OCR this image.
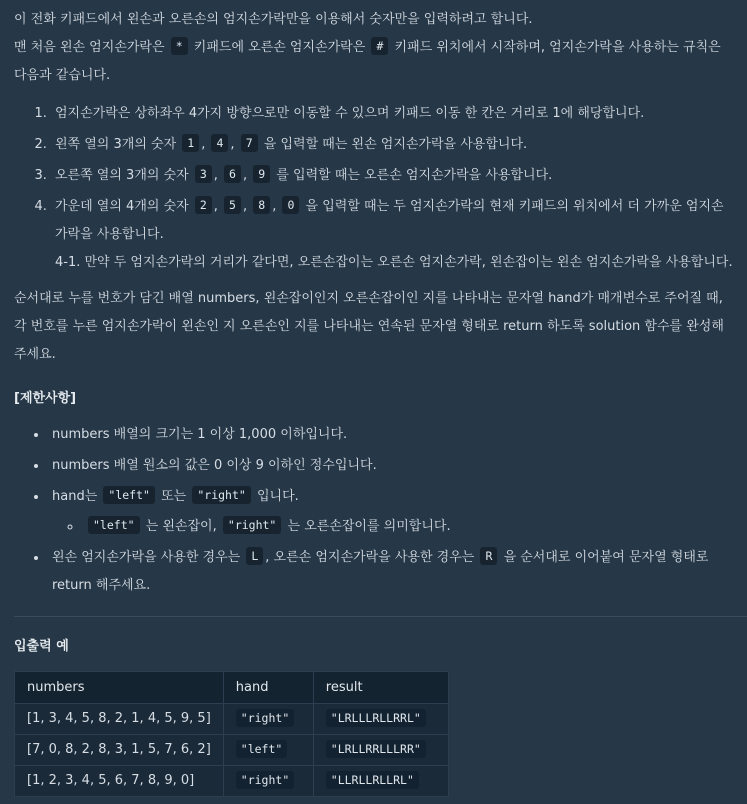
이 전화 키패드에서 왼손과 오른손의 엄지손가락만을 이용해서 숫자만을 입력하려고 합니다.
맨 처음 왼손 엄지손가락은 * 키패드에 오른손 엄지손가락은 # 키패드 위치에서 시작하며, 엄지손가락을 사용하는 규칙은 다음과 같습니다.

1. 엄지손가락은 상하좌우 4가지 방향으로만 이동할 수 있으며 키패드 이동 한 칸은 거리로 1에 해당합니다.
2. 왼쪽 열의 3개의 숫자 1 , 4 , 7 을 입력할 때는 왼손 엄지손가락을 사용합니다.
3. 오른쪽 열의 3개의 숫자 3 , 6 , 9 를 입력할 때는 오른손 엄지손가락을 사용합니다.
4. 가운데 열의 4개의 숫자 2 , 5 , 8 , 0 을 입력할 때는 두 엄지손가락의 현재 키패드의 위치에서 더 가까운 엄지손가락을 사용합니다.
4-1. 만약 두 엄지손가락의 거리가 같다면, 오른손잡이는 오른손 엄지손가락, 왼손잡이는 왼손 엄지손가락을 사용합니다.

순서대로 누를 번호가 담긴 배열 numbers, 왼손잡이인지 오른손잡이인 지를 나타내는 문자열 hand가 매개변수로 주어질 때, 각 번호를 누른 엄지손가락이 왼손인 지 오른손인 지를 나타내는 연속된 문자열 형태로 return 하도록 solution 함수를 완성해주세요.

[제한사항]

• numbers 배열의 크기는 1 이상 1,000 이하입니다.
• numbers 배열 원소의 값은 0 이상 9 이하인 정수입니다.
• hand는 "left" 또는 "right" 입니다.
◦ "left" 는 왼손잡이, "right" 는 오른손잡이를 의미합니다.
• 왼손 엄지손가락을 사용한 경우는 L , 오른손 엄지손가락을 사용한 경우는 R 을 순서대로 이어붙여 문자열 형태로 return 해주세요.

입출력 예

numbers	hand	result
[1, 3, 4, 5, 8, 2, 1, 4, 5, 9, 5]	"right"	"LRLLLRLLRRL"
[7, 0, 8, 2, 8, 3, 1, 5, 7, 6, 2]	"left"	"LRLLRRLLLRR"
[1, 2, 3, 4, 5, 6, 7, 8, 9, 0]	"right"	"LLRLLRLLRL"
